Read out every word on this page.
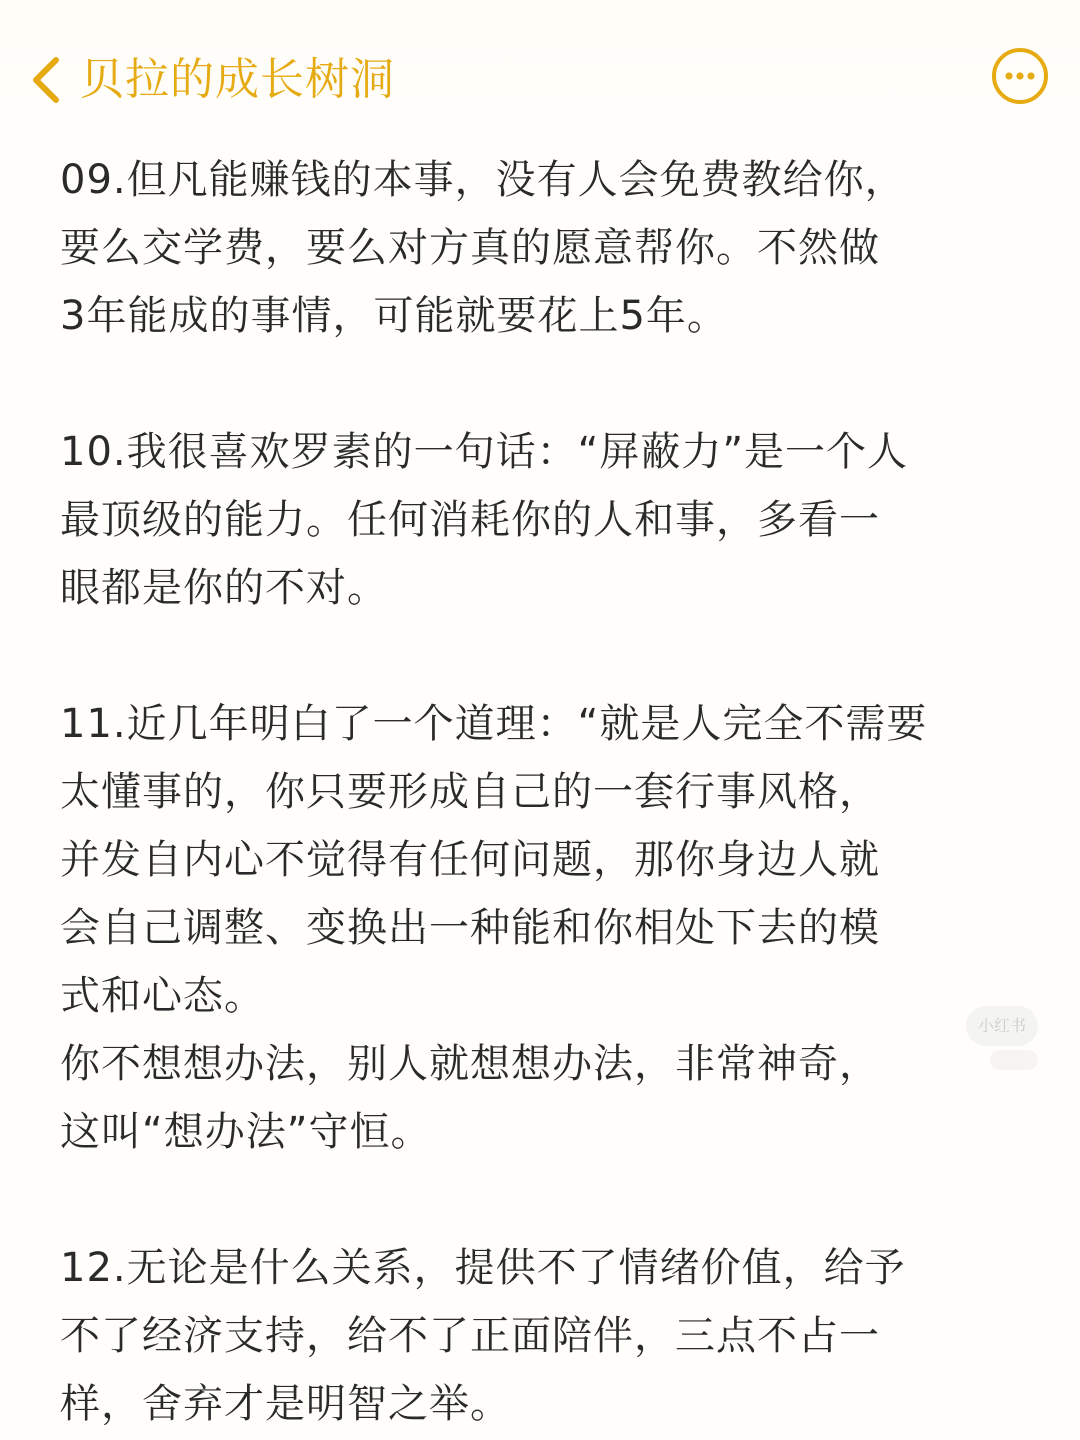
贝拉的成长树洞
09.但凡能赚钱的本事，没有人会免费教给你，
要么交学费，要么对方真的愿意帮你。不然做
3年能成的事情，可能就要花上5年。
10.我很喜欢罗素的一句话：“屏蔽力”是一个人
最顶级的能力。任何消耗你的人和事，多看一
眼都是你的不对。
11.近几年明白了一个道理：“就是人完全不需要
太懂事的，你只要形成自己的一套行事风格，
并发自内心不觉得有任何问题，那你身边人就
会自己调整、变换出一种能和你相处下去的模
式和心态。
你不想想办法，别人就想想办法，非常神奇，
这叫“想办法”守恒。
12.无论是什么关系，提供不了情绪价值，给予
不了经济支持，给不了正面陪伴，三点不占一
样，舍弃才是明智之举。
小红书
